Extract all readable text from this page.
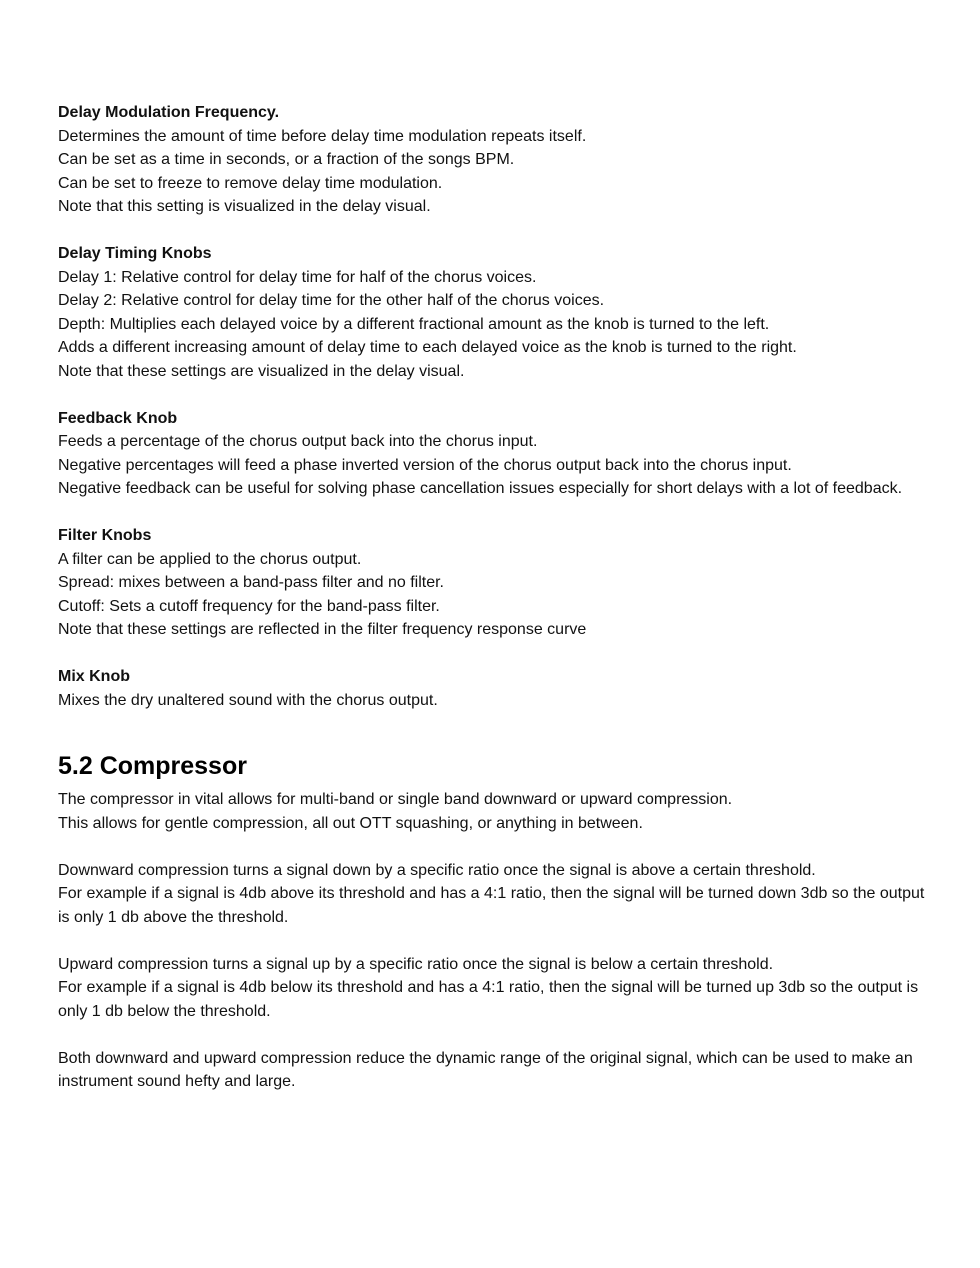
Delay Modulation Frequency.
Determines the amount of time before delay time modulation repeats itself.
Can be set as a time in seconds, or a fraction of the songs BPM.
Can be set to freeze to remove delay time modulation.
Note that this setting is visualized in the delay visual.
Delay Timing Knobs
Delay 1: Relative control for delay time for half of the chorus voices.
Delay 2: Relative control for delay time for the other half of the chorus voices.
Depth: Multiplies each delayed voice by a different fractional amount as the knob is turned to the left.
Adds a different increasing amount of delay time to each delayed voice as the knob is turned to the right.
Note that these settings are visualized in the delay visual.
Feedback Knob
Feeds a percentage of the chorus output back into the chorus input.
Negative percentages will feed a phase inverted version of the chorus output back into the chorus input.
Negative feedback can be useful for solving phase cancellation issues especially for short delays with a lot of feedback.
Filter Knobs
A filter can be applied to the chorus output.
Spread: mixes between a band-pass filter and no filter.
Cutoff: Sets a cutoff frequency for the band-pass filter.
Note that these settings are reflected in the filter frequency response curve
Mix Knob
Mixes the dry unaltered sound with the chorus output.
5.2 Compressor
The compressor in vital allows for multi-band or single band downward or upward compression.
This allows for gentle compression, all out OTT squashing, or anything in between.
Downward compression turns a signal down by a specific ratio once the signal is above a certain threshold.
For example if a signal is 4db above its threshold and has a 4:1 ratio, then the signal will be turned down 3db so the output is only 1 db above the threshold.
Upward compression turns a signal up by a specific ratio once the signal is below a certain threshold.
For example if a signal is 4db below its threshold and has a 4:1 ratio, then the signal will be turned up 3db so the output is only 1 db below the threshold.
Both downward and upward compression reduce the dynamic range of the original signal, which can be used to make an instrument sound hefty and large.
